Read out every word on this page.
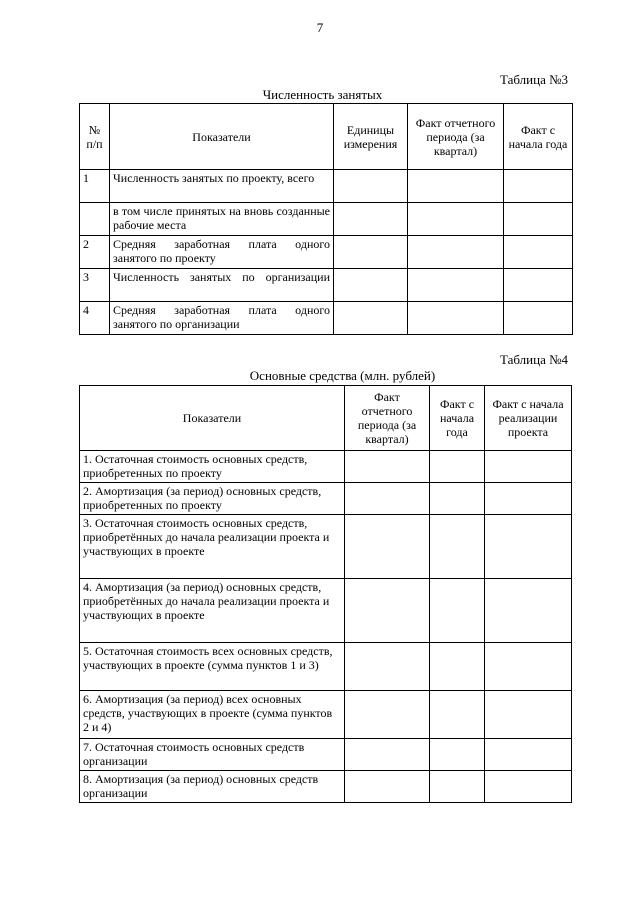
7
Таблица №3
Численность занятых
№ п/п	Показатели	Единицы измерения	Факт отчетного периода (за квартал)	Факт с начала года
1	Численность занятых по проекту, всего			
	в том числе принятых на вновь созданные рабочие места			
2	Средняя заработная плата одного занятого по проекту			
3	Численность занятых по организации			
4	Средняя заработная плата одного занятого по организации			
Таблица №4
Основные средства (млн. рублей)
Показатели	Факт отчетного периода (за квартал)	Факт с начала года	Факт с начала реализации проекта
1. Остаточная стоимость основных средств, приобретенных по проекту			
2. Амортизация (за период) основных средств, приобретенных по проекту			
3. Остаточная стоимость основных средств, приобретённых до начала реализации проекта и участвующих в проекте			
4. Амортизация (за период) основных средств, приобретённых до начала реализации проекта и участвующих в проекте			
5. Остаточная стоимость всех основных средств, участвующих в проекте (сумма пунктов 1 и 3)			
6. Амортизация (за период) всех основных средств, участвующих в проекте (сумма пунктов 2 и 4)			
7. Остаточная стоимость основных средств организации			
8. Амортизация (за период) основных средств организации			
